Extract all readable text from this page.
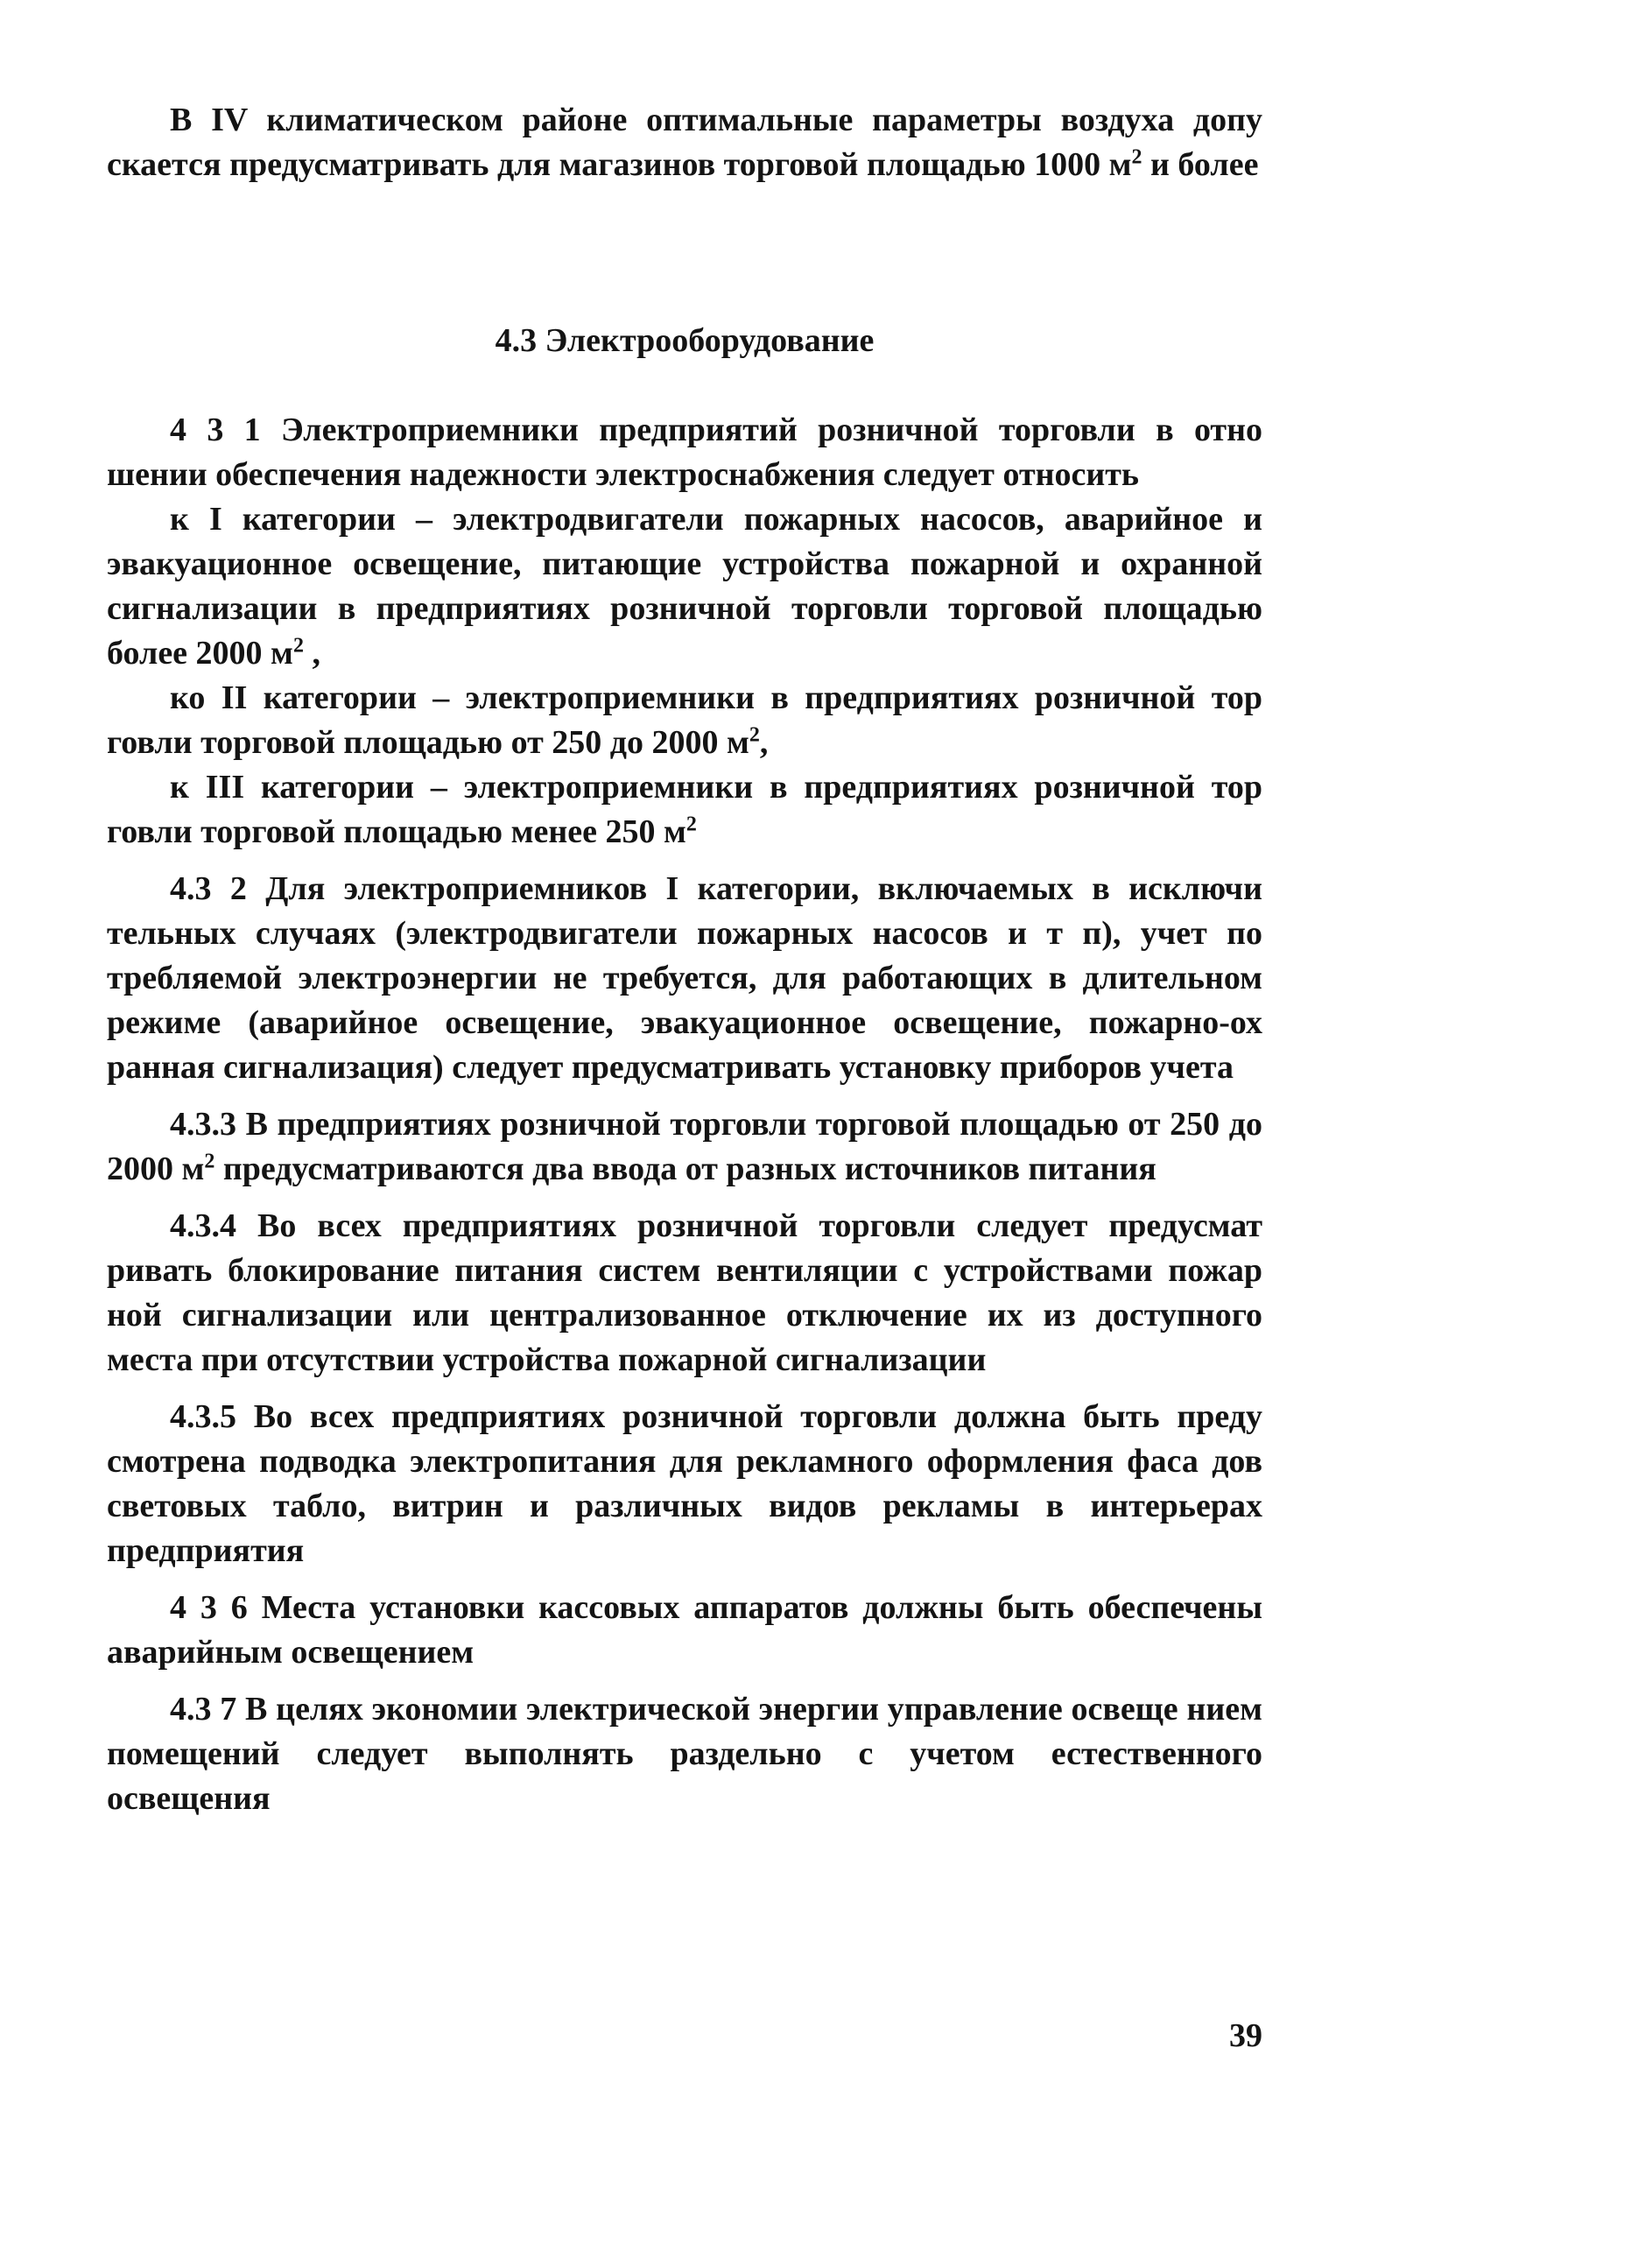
В IV климатическом районе оптимальные параметры воздуха допу скается предусматривать для магазинов торговой площадью 1000 $м^2$ и более

4.3 Электрооборудование

4 3 1 Электроприемники предприятий розничной торговли в отно шении обеспечения надежности электроснабжения следует относить

к I категории – электродвигатели пожарных насосов, аварийное и эвакуационное освещение, питающие устройства пожарной и охранной сигнализации в предприятиях розничной торговли торговой площадью более 2000 $м^2$ ,

ко II категории – электроприемники в предприятиях розничной тор говли торговой площадью от 250 до 2000 $м^2$,

к III категории – электроприемники в предприятиях розничной тор говли торговой площадью менее 250 $м^2$

4.3 2 Для электроприемников I категории, включаемых в исключи тельных случаях (электродвигатели пожарных насосов и т п), учет по требляемой электроэнергии не требуется, для работающих в длительном режиме (аварийное освещение, эвакуационное освещение, пожарно-ох ранная сигнализация) следует предусматривать установку приборов учета

4.3.3 В предприятиях розничной торговли торговой площадью от 250 до 2000 $м^2$ предусматриваются два ввода от разных источников питания

4.3.4 Во всех предприятиях розничной торговли следует предусмат ривать блокирование питания систем вентиляции с устройствами пожар ной сигнализации или централизованное отключение их из доступного места при отсутствии устройства пожарной сигнализации

4.3.5 Во всех предприятиях розничной торговли должна быть преду смотрена подводка электропитания для рекламного оформления фаса дов световых табло, витрин и различных видов рекламы в интерьерах предприятия

4 3 6 Места установки кассовых аппаратов должны быть обеспечены аварийным освещением

4.3 7 В целях экономии электрической энергии управление освеще нием помещений следует выполнять раздельно с учетом естественного освещения

39
